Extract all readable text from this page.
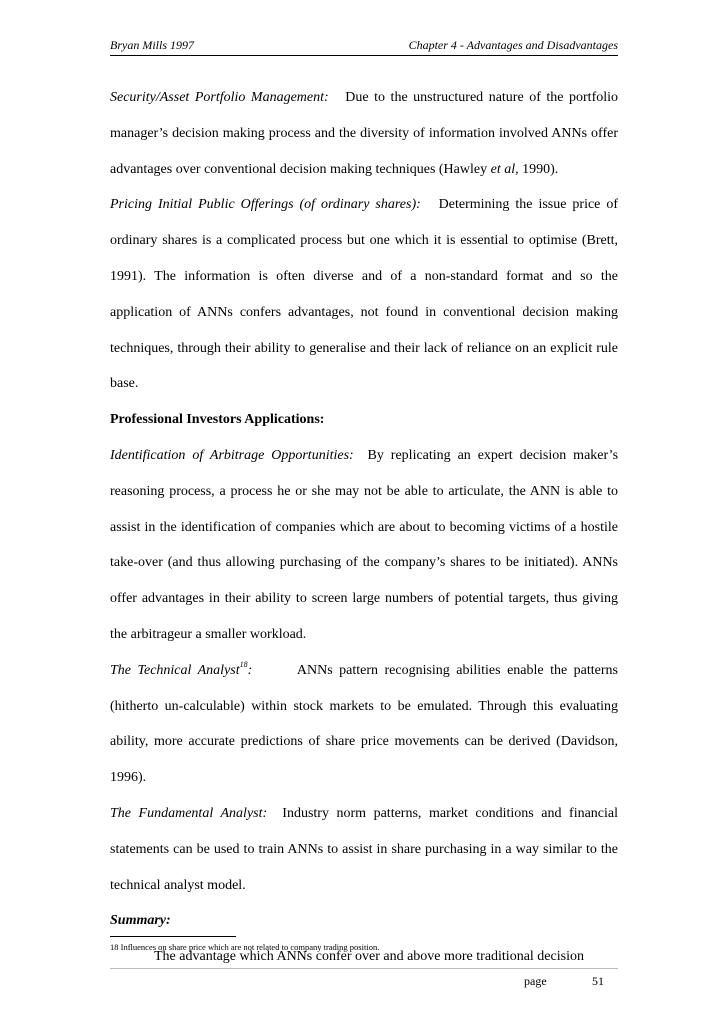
Bryan Mills 1997	Chapter 4 - Advantages and Disadvantages

Security/Asset Portfolio Management: Due to the unstructured nature of the portfolio manager’s decision making process and the diversity of information involved ANNs offer advantages over conventional decision making techniques (Hawley et al, 1990).

Pricing Initial Public Offerings (of ordinary shares): Determining the issue price of ordinary shares is a complicated process but one which it is essential to optimise (Brett, 1991). The information is often diverse and of a non-standard format and so the application of ANNs confers advantages, not found in conventional decision making techniques, through their ability to generalise and their lack of reliance on an explicit rule base.

Professional Investors Applications:

Identification of Arbitrage Opportunities: By replicating an expert decision maker’s reasoning process, a process he or she may not be able to articulate, the ANN is able to assist in the identification of companies which are about to becoming victims of a hostile take-over (and thus allowing purchasing of the company’s shares to be initiated). ANNs offer advantages in their ability to screen large numbers of potential targets, thus giving the arbitrageur a smaller workload.

The Technical Analyst$^{18}$:	ANNs pattern recognising abilities enable the patterns (hitherto un-calculable) within stock markets to be emulated. Through this evaluating ability, more accurate predictions of share price movements can be derived (Davidson, 1996).

The Fundamental Analyst: Industry norm patterns, market conditions and financial statements can be used to train ANNs to assist in share purchasing in a way similar to the technical analyst model.

Summary:

The advantage which ANNs confer over and above more traditional decision

18 Influences on share price which are not related to company trading position.
page	51
